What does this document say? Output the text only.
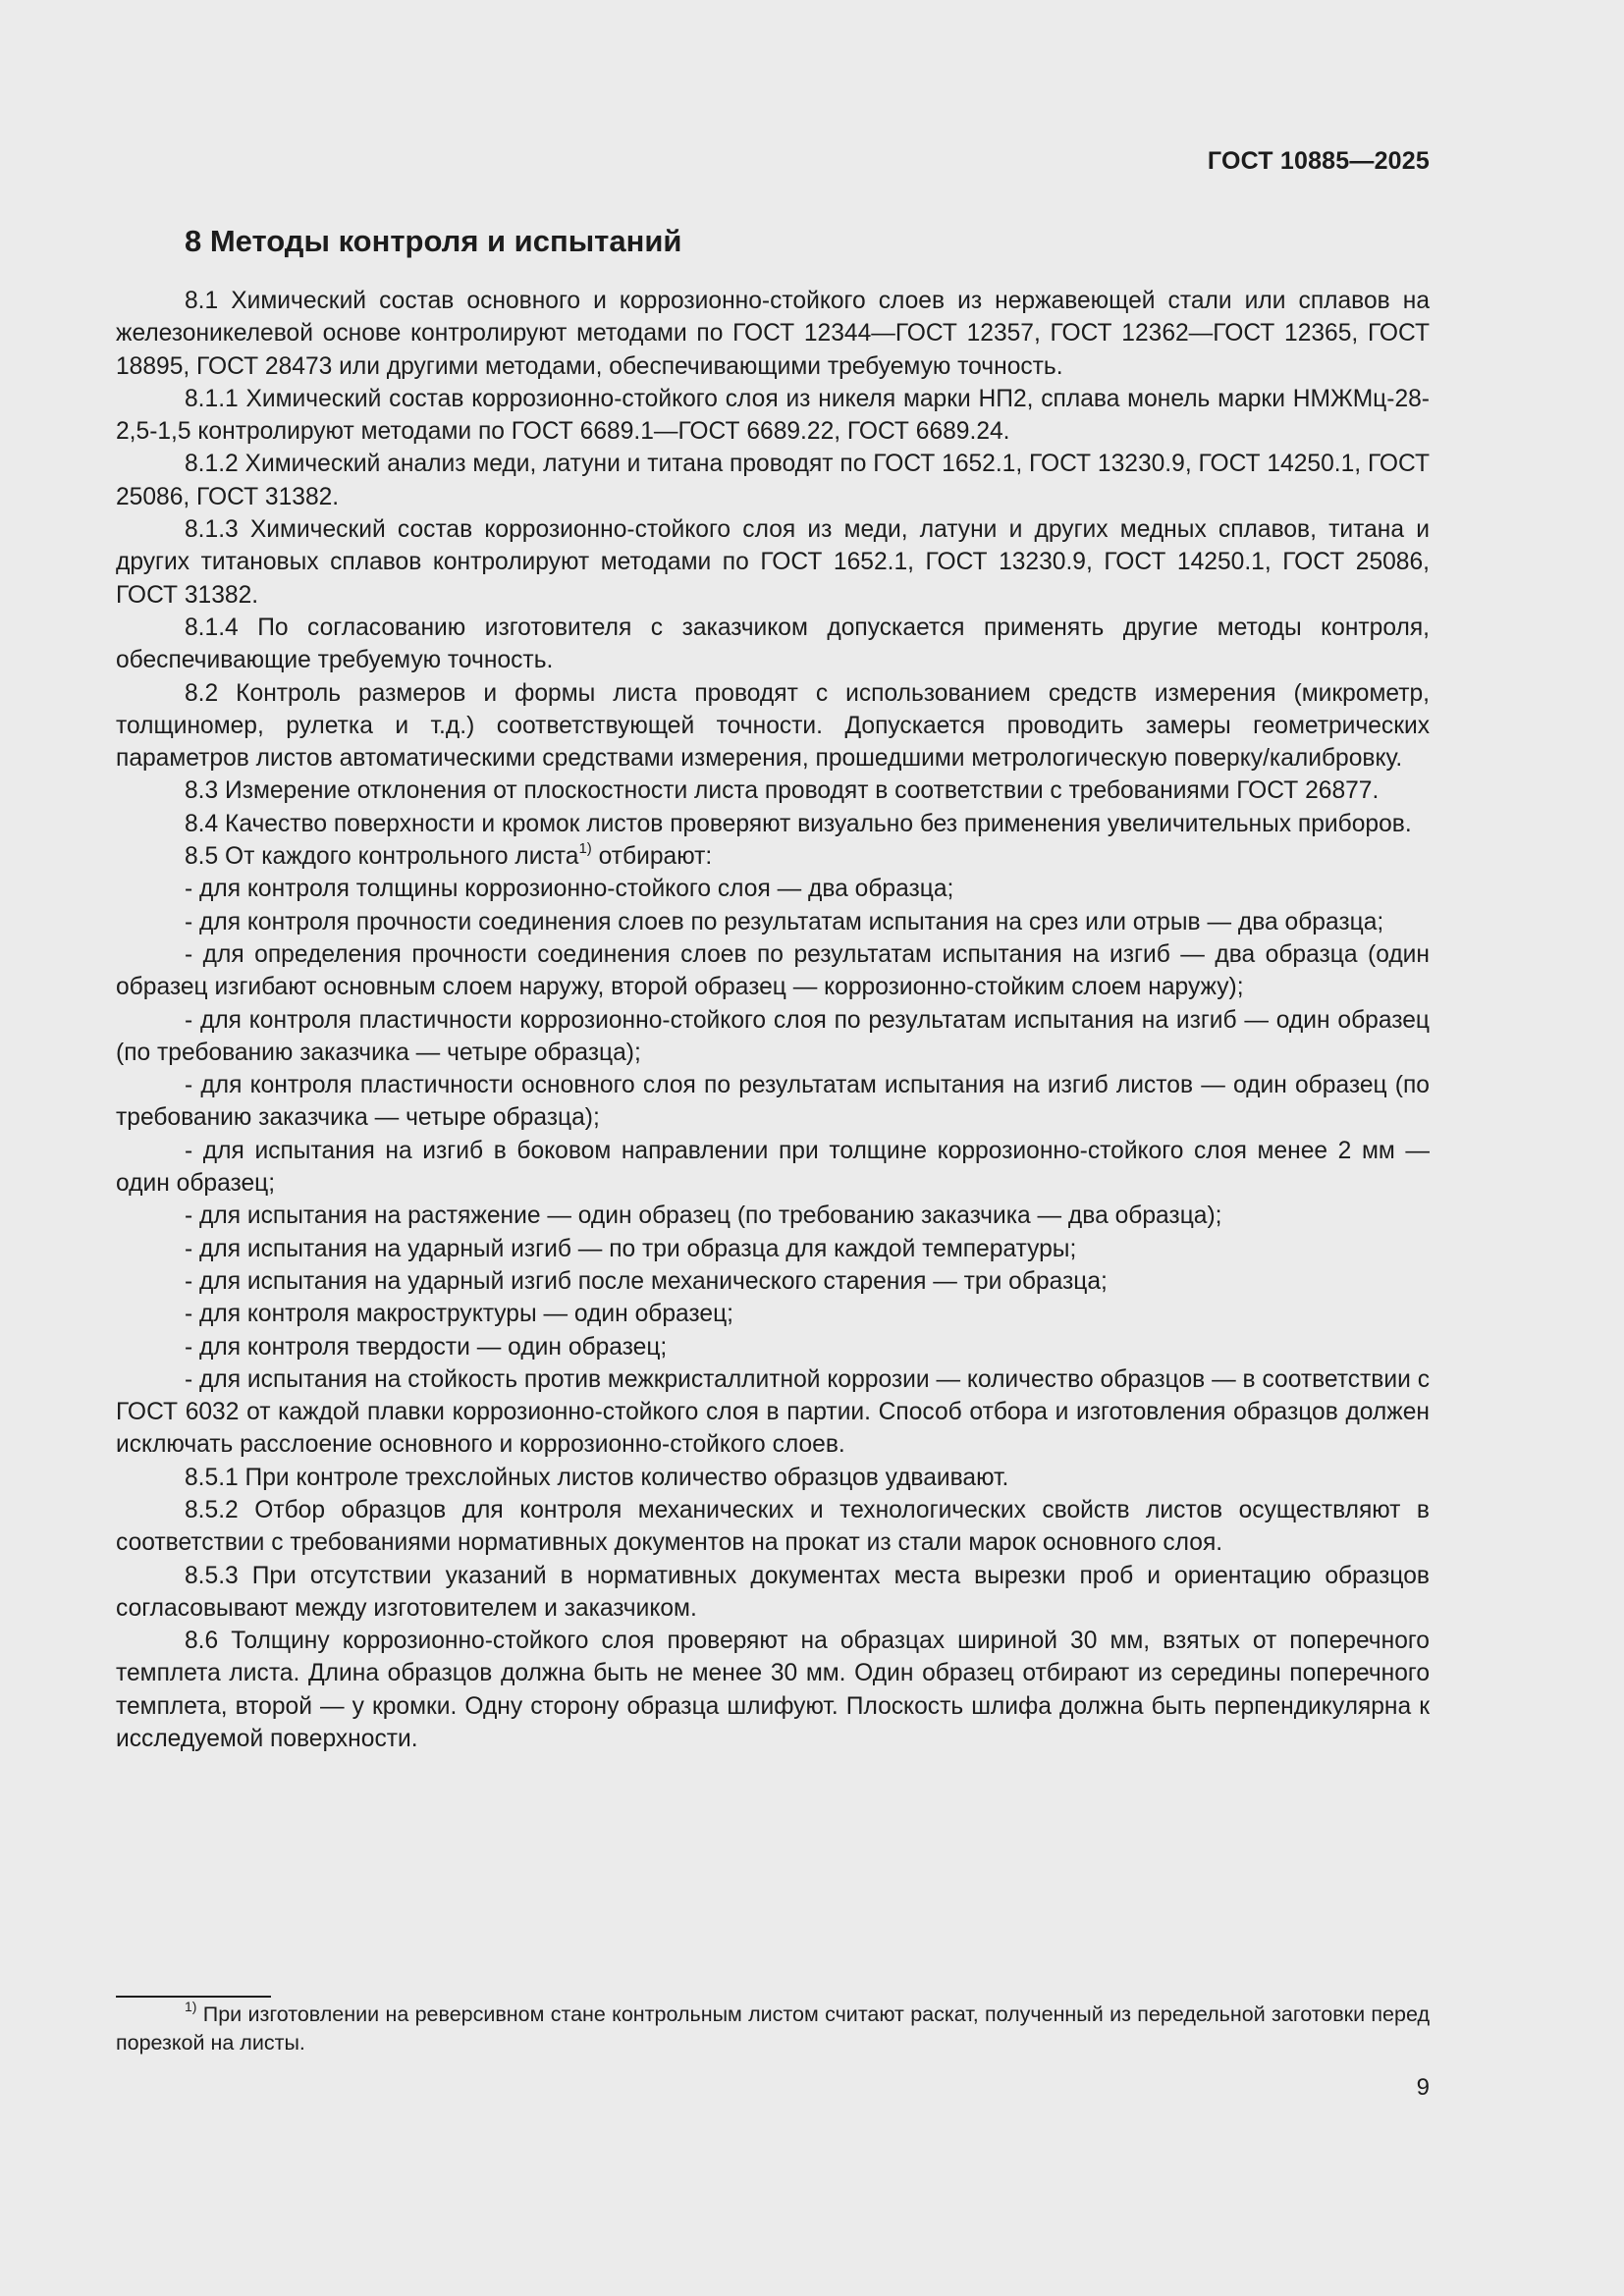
ГОСТ 10885—2025
8 Методы контроля и испытаний

8.1 Химический состав основного и коррозионно-стойкого слоев из нержавеющей стали или сплавов на железоникелевой основе контролируют методами по ГОСТ 12344—ГОСТ 12357, ГОСТ 12362—ГОСТ 12365, ГОСТ 18895, ГОСТ 28473 или другими методами, обеспечивающими требуемую точность.

8.1.1 Химический состав коррозионно-стойкого слоя из никеля марки НП2, сплава монель марки НМЖМц-28-2,5-1,5 контролируют методами по ГОСТ 6689.1—ГОСТ 6689.22, ГОСТ 6689.24.

8.1.2 Химический анализ меди, латуни и титана проводят по ГОСТ 1652.1, ГОСТ 13230.9, ГОСТ 14250.1, ГОСТ 25086, ГОСТ 31382.

8.1.3 Химический состав коррозионно-стойкого слоя из меди, латуни и других медных сплавов, титана и других титановых сплавов контролируют методами по ГОСТ 1652.1, ГОСТ 13230.9, ГОСТ 14250.1, ГОСТ 25086, ГОСТ 31382.

8.1.4 По согласованию изготовителя с заказчиком допускается применять другие методы контроля, обеспечивающие требуемую точность.

8.2 Контроль размеров и формы листа проводят с использованием средств измерения (микрометр, толщиномер, рулетка и т.д.) соответствующей точности. Допускается проводить замеры геометрических параметров листов автоматическими средствами измерения, прошедшими метрологическую поверку/калибровку.

8.3 Измерение отклонения от плоскостности листа проводят в соответствии с требованиями ГОСТ 26877.

8.4 Качество поверхности и кромок листов проверяют визуально без применения увеличительных приборов.

8.5 От каждого контрольного листа$^{1)}$ отбирают:

- для контроля толщины коррозионно-стойкого слоя — два образца;

- для контроля прочности соединения слоев по результатам испытания на срез или отрыв — два образца;

- для определения прочности соединения слоев по результатам испытания на изгиб — два образца (один образец изгибают основным слоем наружу, второй образец — коррозионно-стойким слоем наружу);

- для контроля пластичности коррозионно-стойкого слоя по результатам испытания на изгиб — один образец (по требованию заказчика — четыре образца);

- для контроля пластичности основного слоя по результатам испытания на изгиб листов — один образец (по требованию заказчика — четыре образца);

- для испытания на изгиб в боковом направлении при толщине коррозионно-стойкого слоя менее 2 мм — один образец;

- для испытания на растяжение — один образец (по требованию заказчика — два образца);

- для испытания на ударный изгиб — по три образца для каждой температуры;

- для испытания на ударный изгиб после механического старения — три образца;

- для контроля макроструктуры — один образец;

- для контроля твердости — один образец;

- для испытания на стойкость против межкристаллитной коррозии — количество образцов — в соответствии с ГОСТ 6032 от каждой плавки коррозионно-стойкого слоя в партии. Способ отбора и изготовления образцов должен исключать расслоение основного и коррозионно-стойкого слоев.

8.5.1 При контроле трехслойных листов количество образцов удваивают.

8.5.2 Отбор образцов для контроля механических и технологических свойств листов осуществляют в соответствии с требованиями нормативных документов на прокат из стали марок основного слоя.

8.5.3 При отсутствии указаний в нормативных документах места вырезки проб и ориентацию образцов согласовывают между изготовителем и заказчиком.

8.6 Толщину коррозионно-стойкого слоя проверяют на образцах шириной 30 мм, взятых от поперечного темплета листа. Длина образцов должна быть не менее 30 мм. Один образец отбирают из середины поперечного темплета, второй — у кромки. Одну сторону образца шлифуют. Плоскость шлифа должна быть перпендикулярна к исследуемой поверхности.

$^{1)}$ При изготовлении на реверсивном стане контрольным листом считают раскат, полученный из передельной заготовки перед порезкой на листы.

9
